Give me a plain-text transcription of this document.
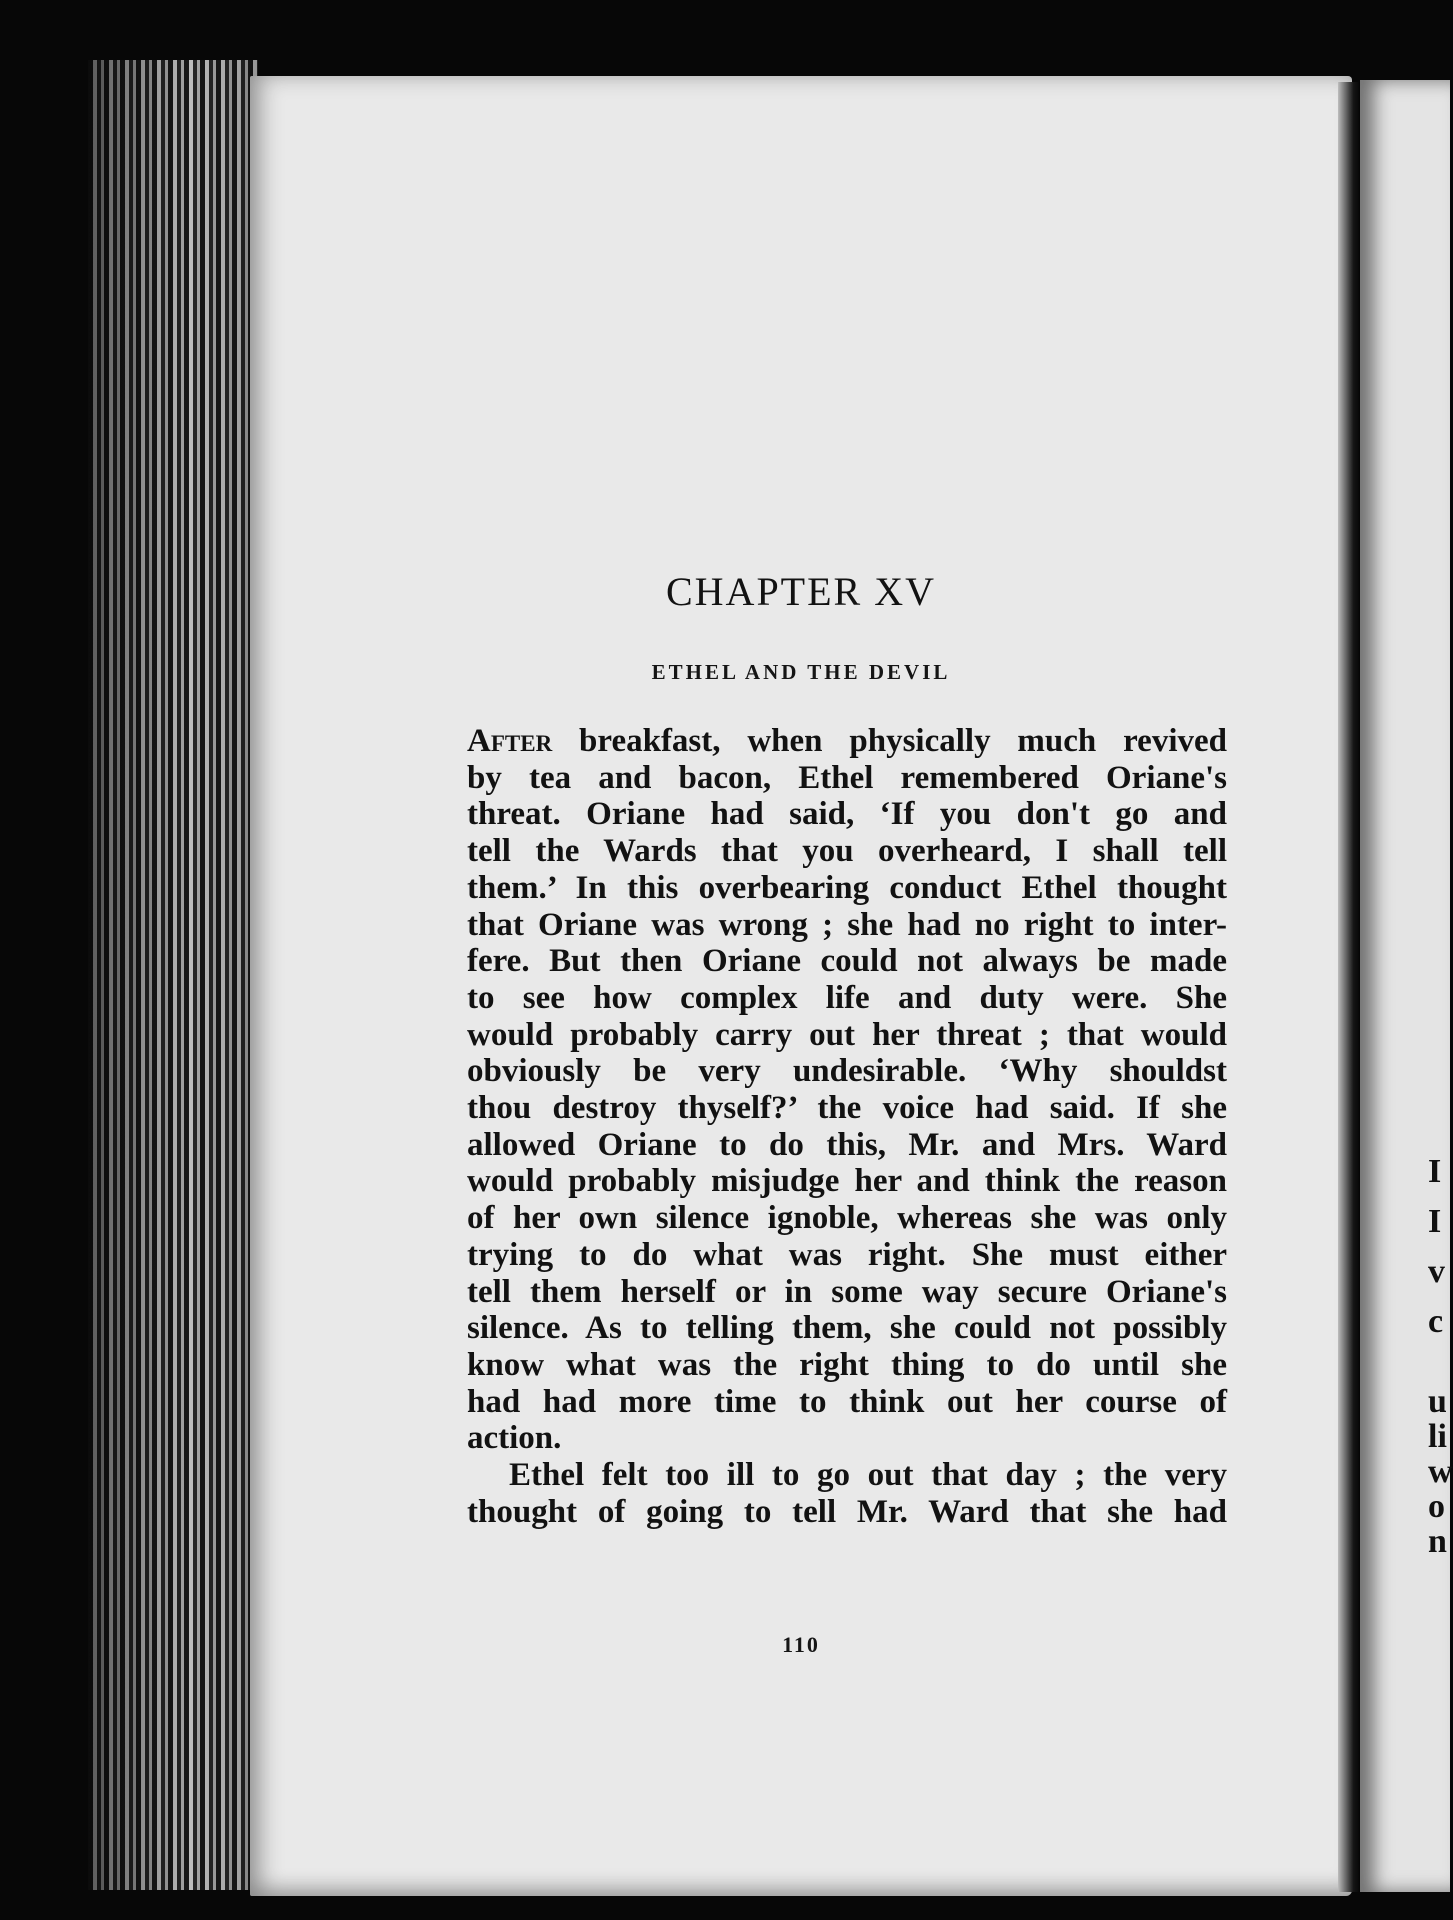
I
I
v
c
u
li
w
o
n
CHAPTER XV
ETHEL AND THE DEVIL
After breakfast, when physically much revived
by tea and bacon, Ethel remembered Oriane's
threat. Oriane had said, ‘If you don't go and
tell the Wards that you overheard, I shall tell
them.’ In this overbearing conduct Ethel thought
that Oriane was wrong ; she had no right to inter-
fere. But then Oriane could not always be made
to see how complex life and duty were. She
would probably carry out her threat ; that would
obviously be very undesirable. ‘Why shouldst
thou destroy thyself?’ the voice had said. If she
allowed Oriane to do this, Mr. and Mrs. Ward
would probably misjudge her and think the reason
of her own silence ignoble, whereas she was only
trying to do what was right. She must either
tell them herself or in some way secure Oriane's
silence. As to telling them, she could not possibly
know what was the right thing to do until she
had had more time to think out her course of
action.
Ethel felt too ill to go out that day ; the very
thought of going to tell Mr. Ward that she had
110
